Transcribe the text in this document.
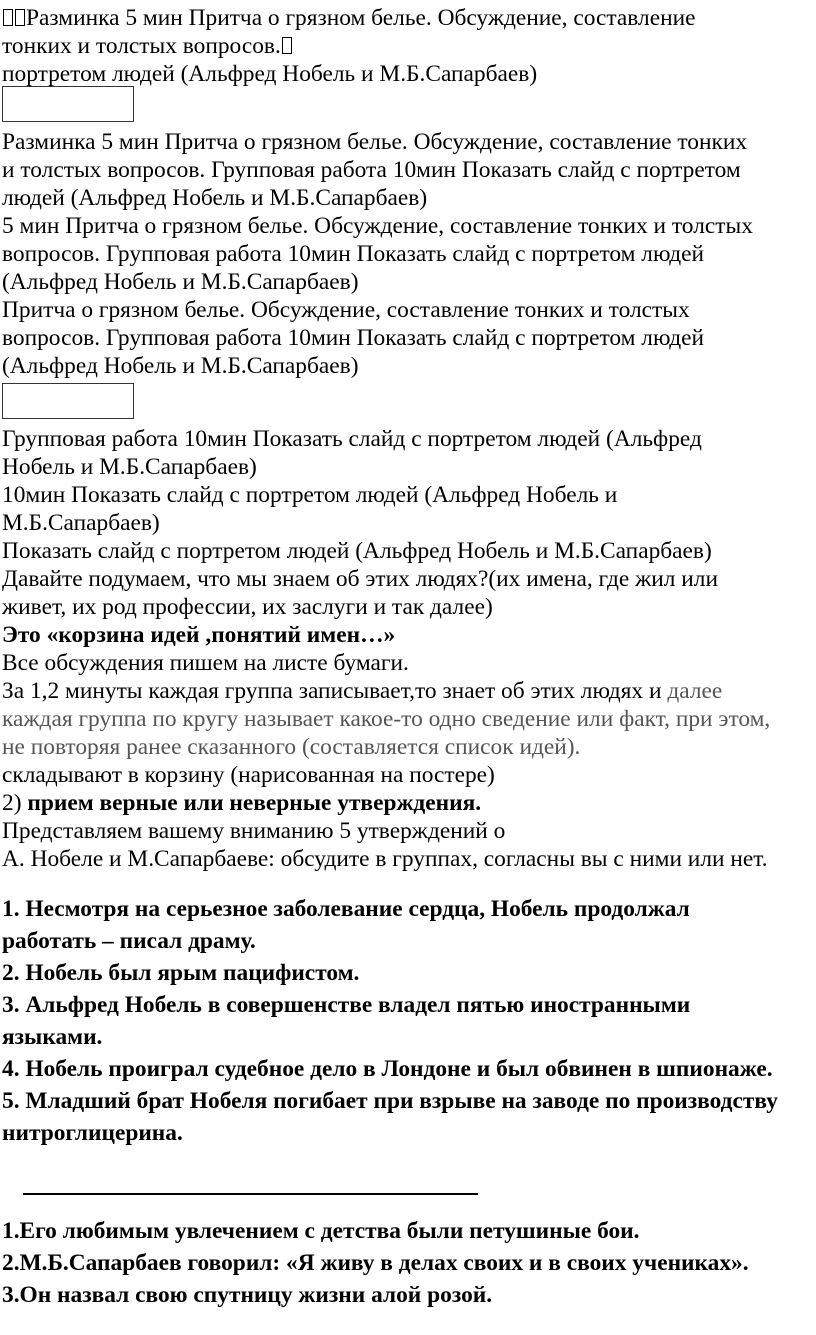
Разминка 5 мин Притча о грязном белье. Обсуждение, составление
тонких и толстых вопросов.
портретом людей (Альфред Нобель и М.Б.Сапарбаев)
Разминка 5 мин Притча о грязном белье. Обсуждение, составление тонких
и толстых вопросов. Групповая работа 10мин Показать слайд с портретом
людей (Альфред Нобель и М.Б.Сапарбаев)
5 мин Притча о грязном белье. Обсуждение, составление тонких и толстых
вопросов. Групповая работа 10мин Показать слайд с портретом людей
(Альфред Нобель и М.Б.Сапарбаев)
Притча о грязном белье. Обсуждение, составление тонких и толстых
вопросов. Групповая работа 10мин Показать слайд с портретом людей
(Альфред Нобель и М.Б.Сапарбаев)
Групповая работа 10мин Показать слайд с портретом людей (Альфред
Нобель и М.Б.Сапарбаев)
10мин Показать слайд с портретом людей (Альфред Нобель и
М.Б.Сапарбаев)
Показать слайд с портретом людей (Альфред Нобель и М.Б.Сапарбаев)
Давайте подумаем, что мы знаем об этих людях?(их имена, где жил или
живет, их род профессии, их заслуги и так далее)
Это «корзина идей ,понятий имен…»
Все обсуждения пишем на листе бумаги.
За 1,2 минуты каждая группа записывает,то знает об этих людях и далее
каждая группа по кругу называет какое-то одно сведение или факт, при этом,
не повторяя ранее сказанного (составляется список идей).
складывают в корзину (нарисованная на постере)
2) прием верные или неверные утверждения.
Представляем вашему вниманию 5 утверждений о
А. Нобеле и М.Сапарбаеве: обсудите в группах, согласны вы с ними или нет.
1. Несмотря на серьезное заболевание сердца, Нобель продолжал
работать – писал драму.
2. Нобель был ярым пацифистом.
3. Альфред Нобель в совершенстве владел пятью иностранными
языками.
4. Нобель проиграл судебное дело в Лондоне и был обвинен в шпионаже.
5. Младший брат Нобеля погибает при взрыве на заводе по производству
нитроглицерина.
1.Его любимым увлечением с детства были петушиные бои.
2.М.Б.Сапарбаев говорил: «Я живу в делах своих и в своих учениках».
3.Он назвал свою спутницу жизни алой розой.
